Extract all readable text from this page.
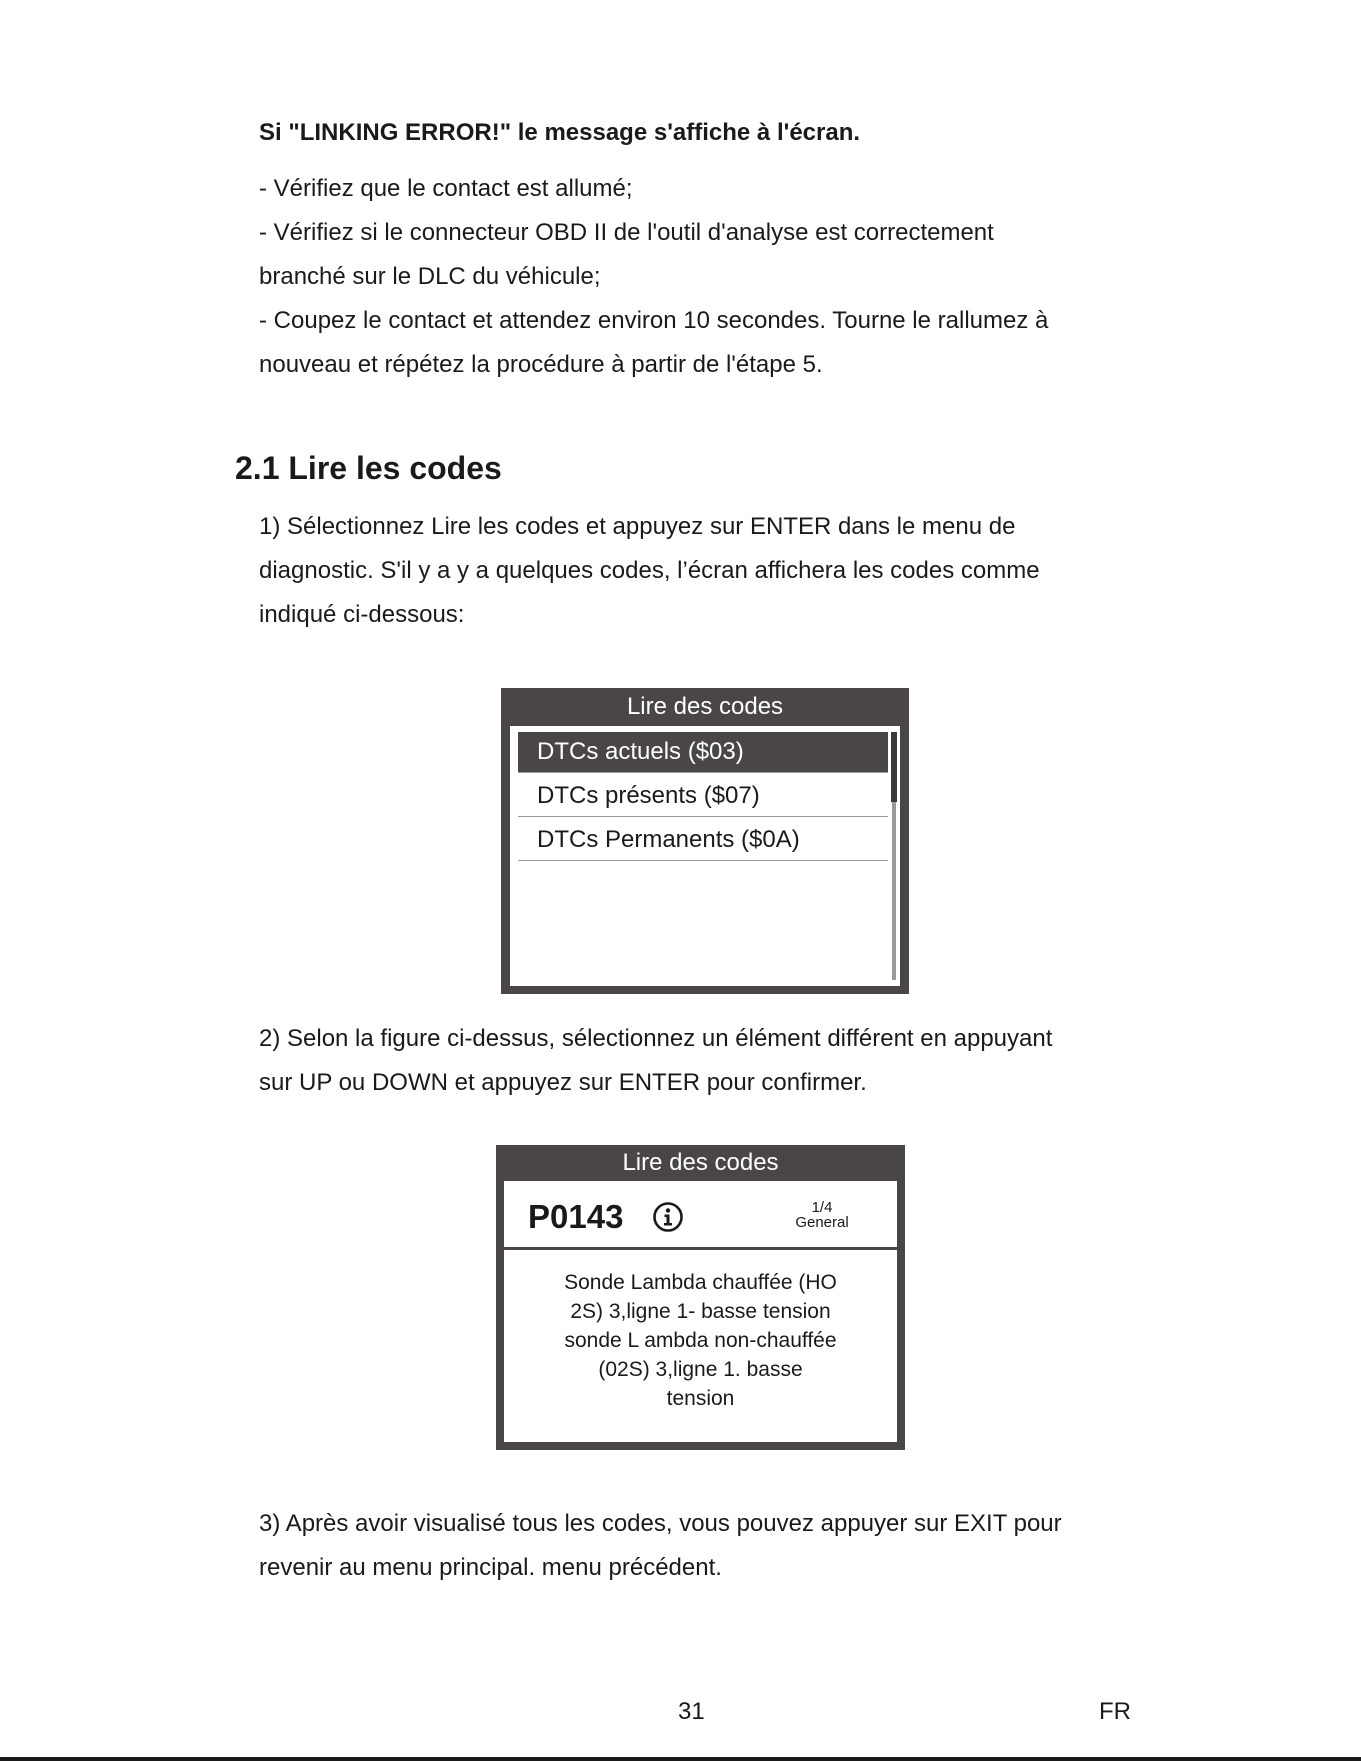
Si "LINKING ERROR!" le message s'affiche à l'écran.
- Vérifiez que le contact est allumé;
- Vérifiez si le connecteur OBD II de l'outil d'analyse est correctement
branché sur le DLC du véhicule;
- Coupez le contact et attendez environ 10 secondes. Tourne le rallumez à
nouveau et répétez la procédure à partir de l'étape 5.
2.1 Lire les codes
1) Sélectionnez Lire les codes et appuyez sur ENTER dans le menu de
diagnostic. S'il y a y a quelques codes, l’écran affichera les codes comme
indiqué ci-dessous:
Lire des codes
DTCs actuels ($03)
DTCs présents ($07)
DTCs Permanents ($0A)
2) Selon la figure ci-dessus, sélectionnez un élément différent en appuyant
sur UP ou DOWN et appuyez sur ENTER pour confirmer.
Lire des codes
P0143	1/4
General
Sonde Lambda chauffée (HO
2S) 3,ligne 1- basse tension
sonde L ambda non-chauffée
(02S) 3,ligne 1. basse
tension
3) Après avoir visualisé tous les codes, vous pouvez appuyer sur EXIT pour
revenir au menu principal. menu précédent.
31	FR
